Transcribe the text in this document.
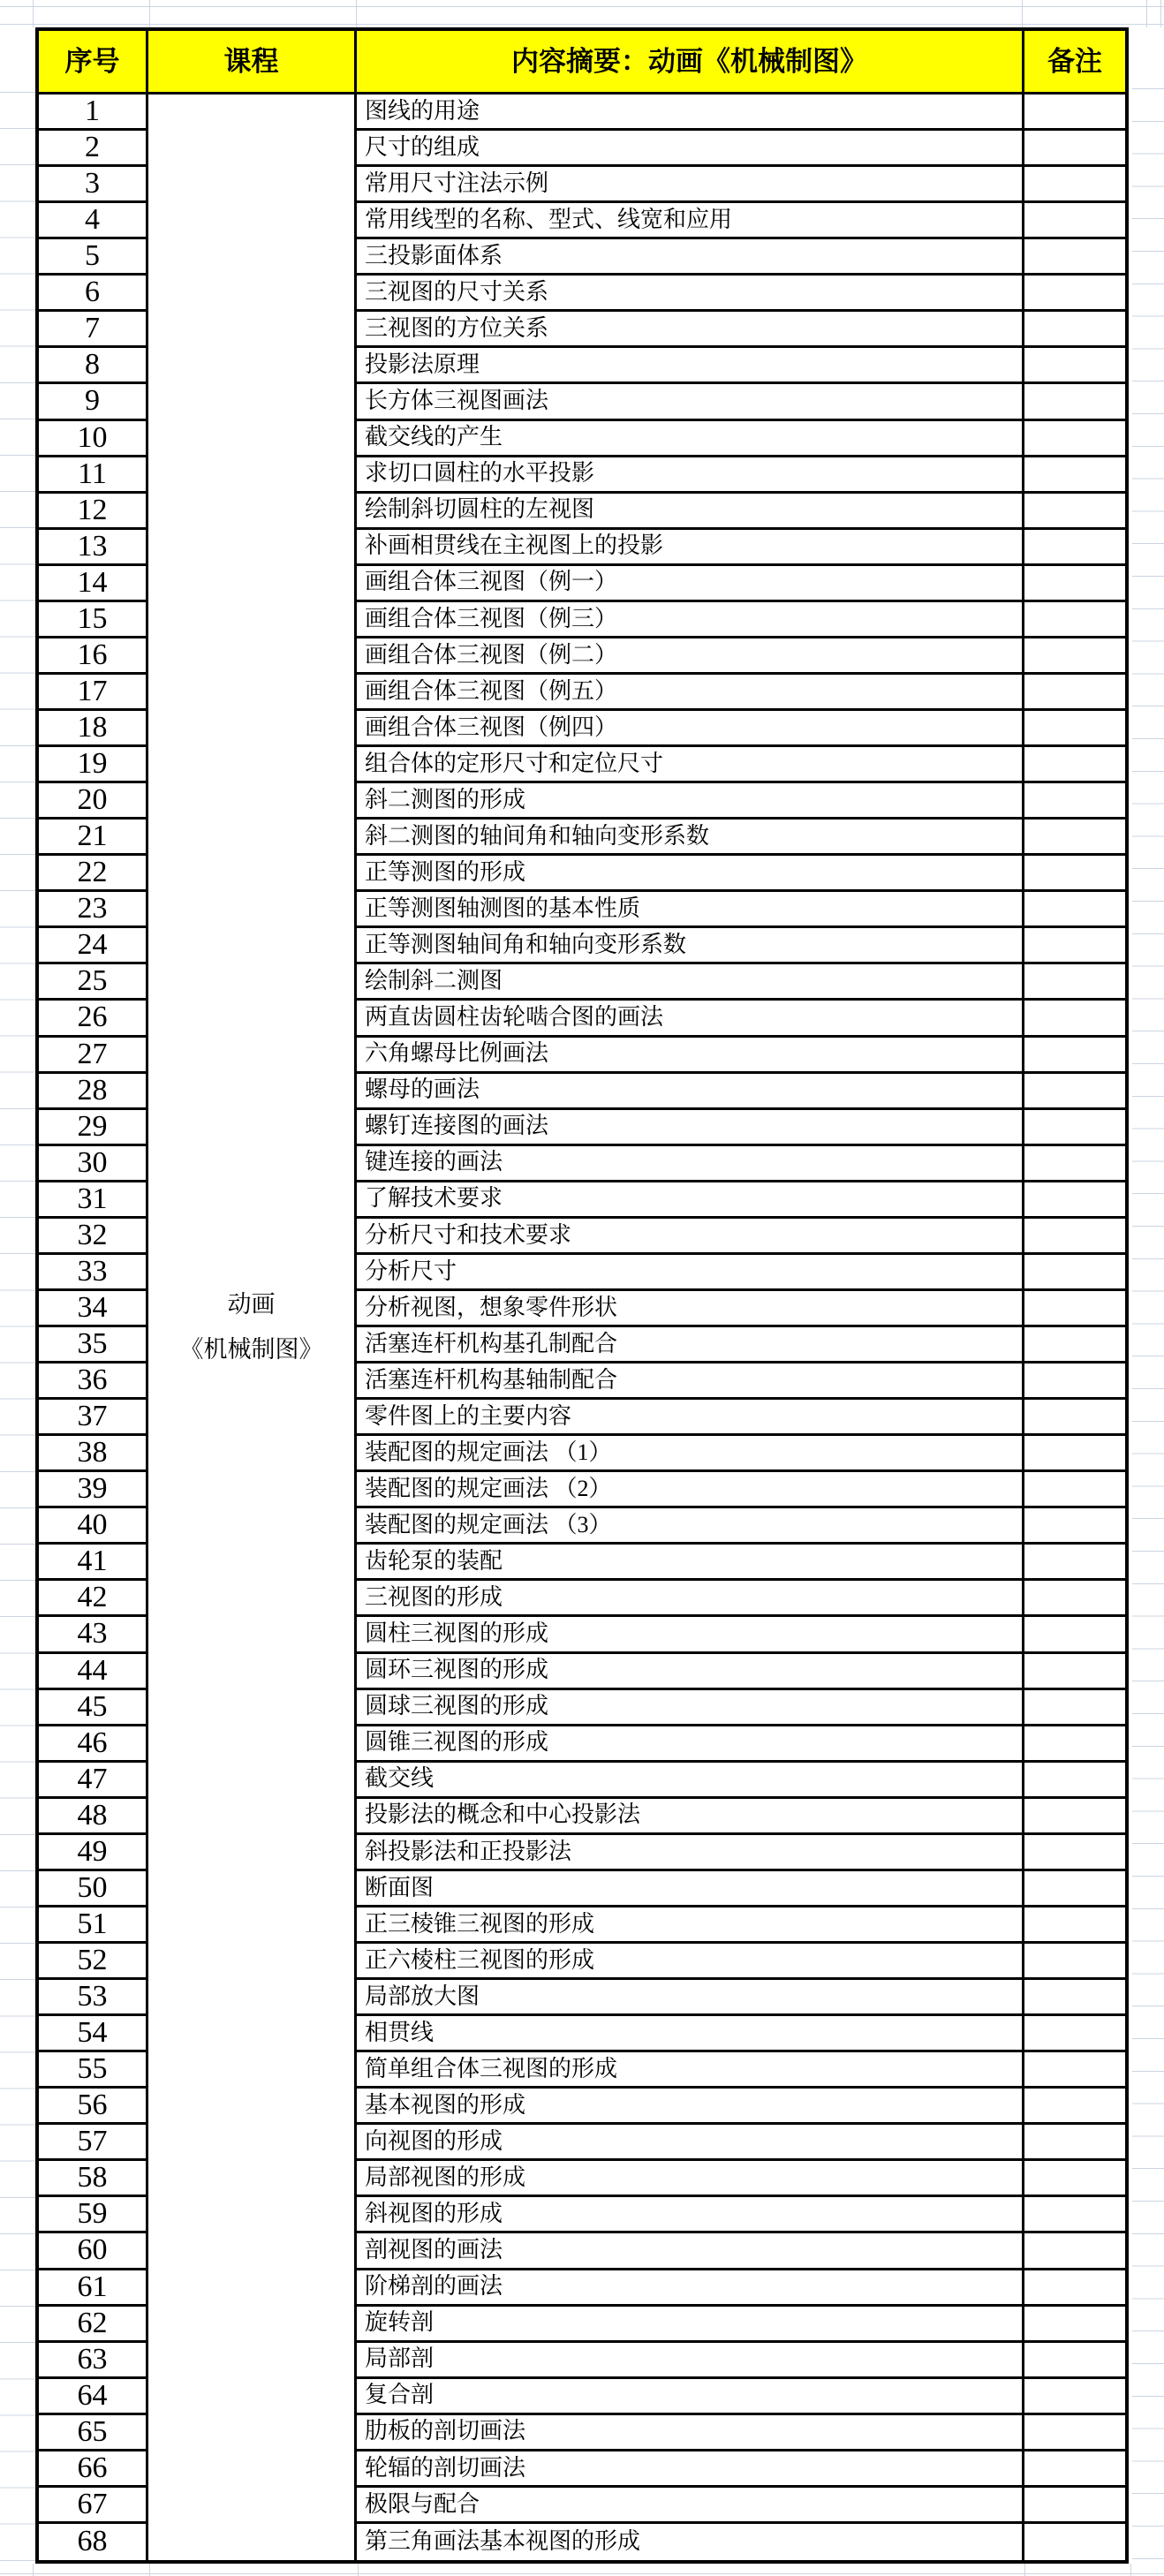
序号	课程	内容摘要：动画《机械制图》	备注
动画
《机械制图》
1	图线的用途
2	尺寸的组成
3	常用尺寸注法示例
4	常用线型的名称、型式、线宽和应用
5	三投影面体系
6	三视图的尺寸关系
7	三视图的方位关系
8	投影法原理
9	长方体三视图画法
10	截交线的产生
11	求切口圆柱的水平投影
12	绘制斜切圆柱的左视图
13	补画相贯线在主视图上的投影
14	画组合体三视图（例一）
15	画组合体三视图（例三）
16	画组合体三视图（例二）
17	画组合体三视图（例五）
18	画组合体三视图（例四）
19	组合体的定形尺寸和定位尺寸
20	斜二测图的形成
21	斜二测图的轴间角和轴向变形系数
22	正等测图的形成
23	正等测图轴测图的基本性质
24	正等测图轴间角和轴向变形系数
25	绘制斜二测图
26	两直齿圆柱齿轮啮合图的画法
27	六角螺母比例画法
28	螺母的画法
29	螺钉连接图的画法
30	键连接的画法
31	了解技术要求
32	分析尺寸和技术要求
33	分析尺寸
34	分析视图，想象零件形状
35	活塞连杆机构基孔制配合
36	活塞连杆机构基轴制配合
37	零件图上的主要内容
38	装配图的规定画法 （1）
39	装配图的规定画法 （2）
40	装配图的规定画法 （3）
41	齿轮泵的装配
42	三视图的形成
43	圆柱三视图的形成
44	圆环三视图的形成
45	圆球三视图的形成
46	圆锥三视图的形成
47	截交线
48	投影法的概念和中心投影法
49	斜投影法和正投影法
50	断面图
51	正三棱锥三视图的形成
52	正六棱柱三视图的形成
53	局部放大图
54	相贯线
55	简单组合体三视图的形成
56	基本视图的形成
57	向视图的形成
58	局部视图的形成
59	斜视图的形成
60	剖视图的画法
61	阶梯剖的画法
62	旋转剖
63	局部剖
64	复合剖
65	肋板的剖切画法
66	轮辐的剖切画法
67	极限与配合
68	第三角画法基本视图的形成
